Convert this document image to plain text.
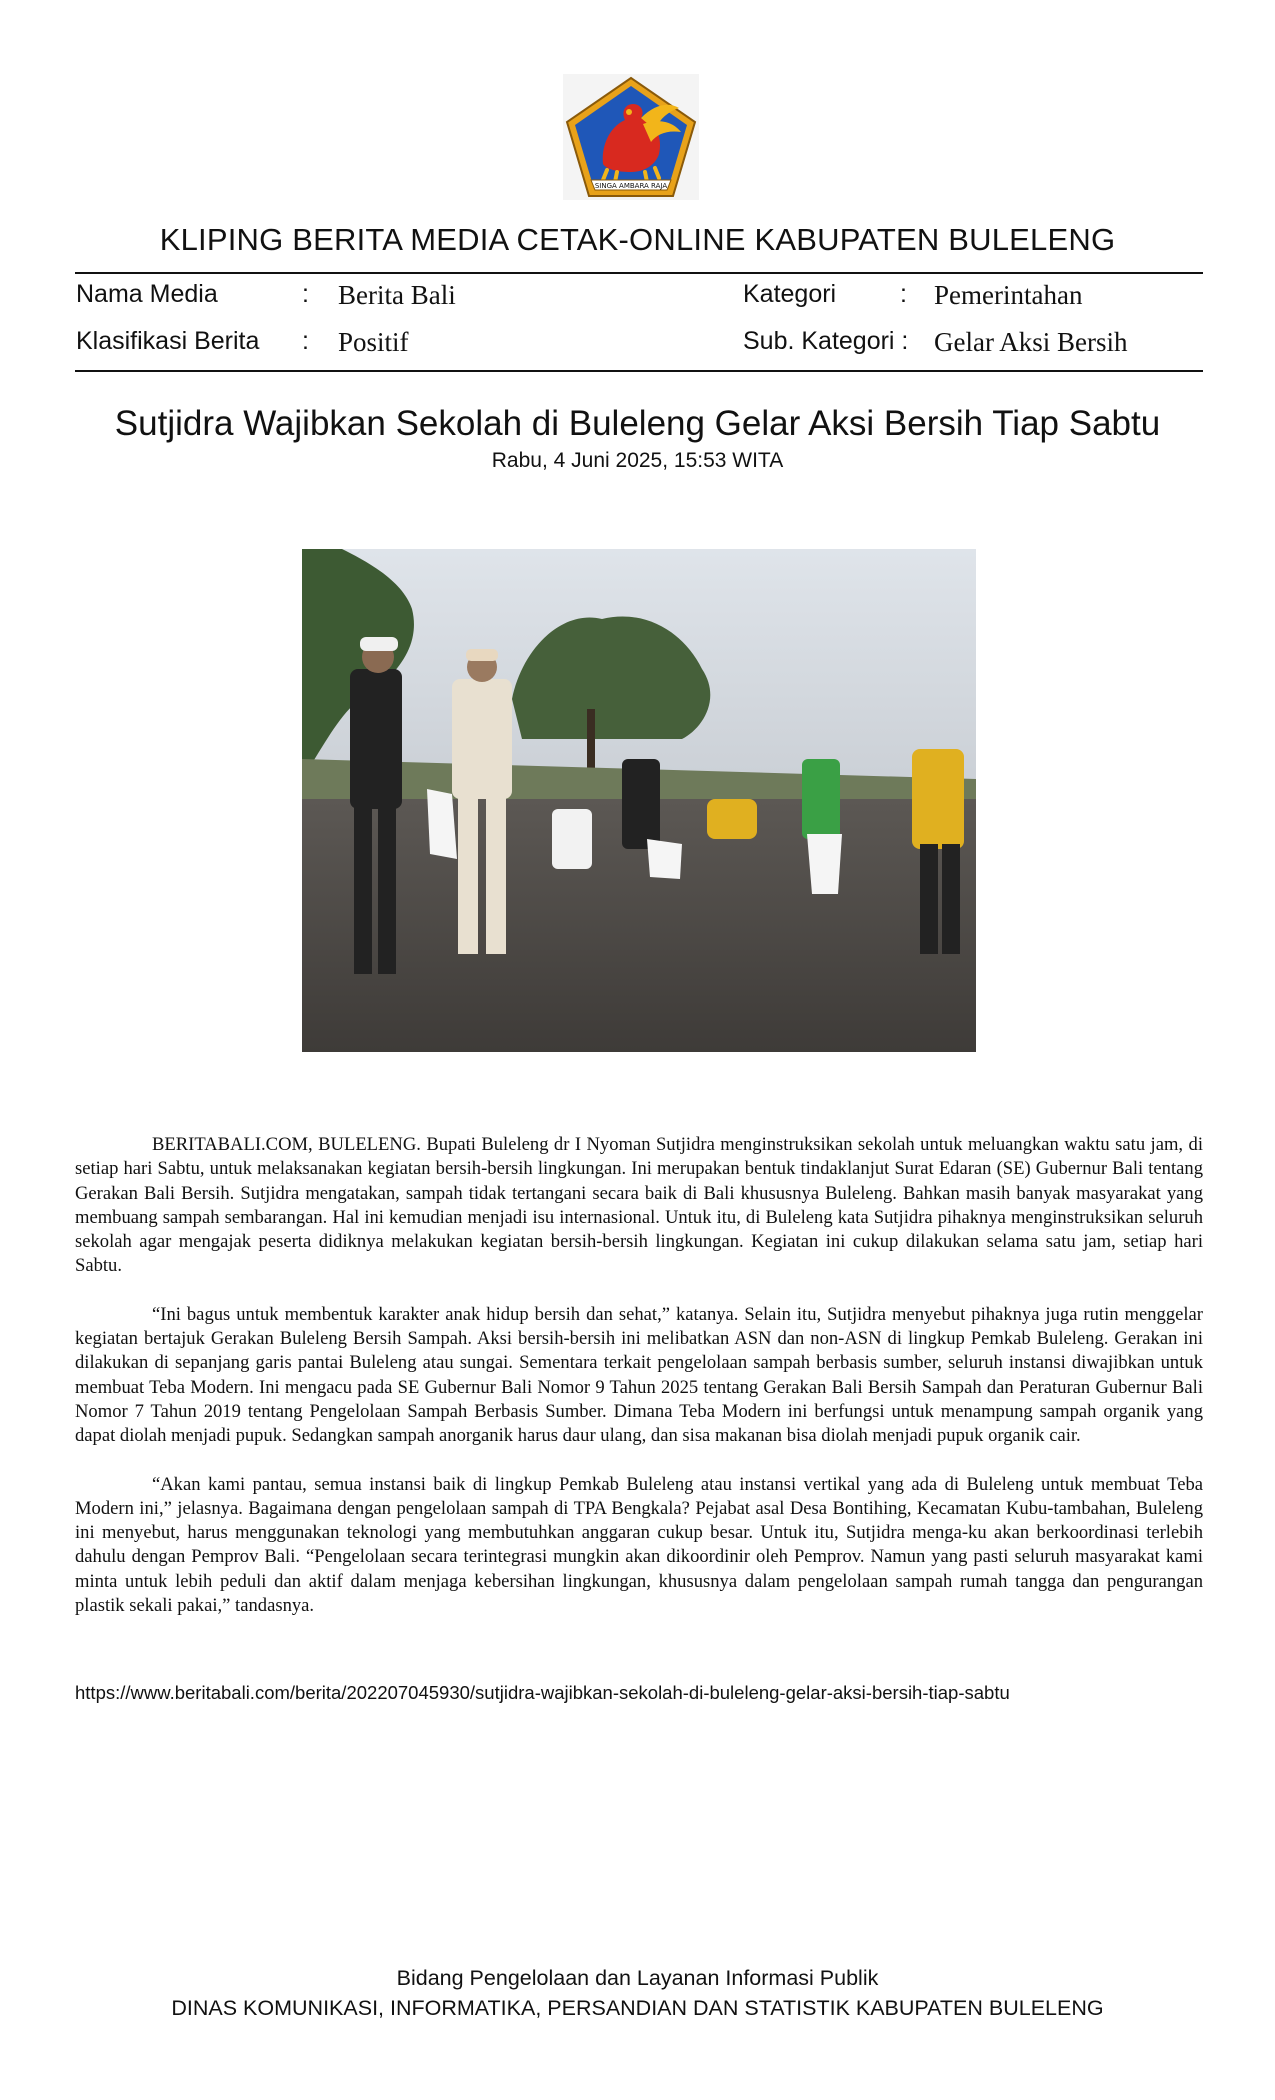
SINGA AMBARA RAJA
KLIPING BERITA MEDIA CETAK-ONLINE KABUPATEN BULELENG
Nama Media	: Berita Bali	Kategori	: Pemerintahan
Klasifikasi Berita : Positif	Sub. Kategori : Gelar Aksi Bersih
Sutjidra Wajibkan Sekolah di Buleleng Gelar Aksi Bersih Tiap Sabtu
Rabu, 4 Juni 2025, 15:53 WITA

BERITABALI.COM, BULELENG. Bupati Buleleng dr I Nyoman Sutjidra menginstruksikan sekolah untuk meluangkan waktu satu jam, di setiap hari Sabtu, untuk melaksanakan kegiatan bersih-bersih lingkungan. Ini merupakan bentuk tindaklanjut Surat Edaran (SE) Gubernur Bali tentang Gerakan Bali Bersih. Sutjidra mengatakan, sampah tidak tertangani secara baik di Bali khususnya Buleleng. Bahkan masih banyak masyarakat yang membuang sampah sembarangan. Hal ini kemudian menjadi isu internasional. Untuk itu, di Buleleng kata Sutjidra pihaknya menginstruksikan seluruh sekolah agar mengajak peserta didiknya melakukan kegiatan bersih-bersih lingkungan. Kegiatan ini cukup dilakukan selama satu jam, setiap hari Sabtu.

“Ini bagus untuk membentuk karakter anak hidup bersih dan sehat,” katanya. Selain itu, Sutjidra menyebut pihaknya juga rutin menggelar kegiatan bertajuk Gerakan Buleleng Bersih Sampah. Aksi bersih-bersih ini melibatkan ASN dan non-ASN di lingkup Pemkab Buleleng. Gerakan ini dilakukan di sepanjang garis pantai Buleleng atau sungai. Sementara terkait pengelolaan sampah berbasis sumber, seluruh instansi diwajibkan untuk membuat Teba Modern. Ini mengacu pada SE Gubernur Bali Nomor 9 Tahun 2025 tentang Gerakan Bali Bersih Sampah dan Peraturan Gubernur Bali Nomor 7 Tahun 2019 tentang Pengelolaan Sampah Berbasis Sumber. Dimana Teba Modern ini berfungsi untuk menampung sampah organik yang dapat diolah menjadi pupuk. Sedangkan sampah anorganik harus daur ulang, dan sisa makanan bisa diolah menjadi pupuk organik cair.

“Akan kami pantau, semua instansi baik di lingkup Pemkab Buleleng atau instansi vertikal yang ada di Buleleng untuk membuat Teba Modern ini,” jelasnya. Bagaimana dengan pengelolaan sampah di TPA Bengkala? Pejabat asal Desa Bontihing, Kecamatan Kubu-tambahan, Buleleng ini menyebut, harus menggunakan teknologi yang membutuhkan anggaran cukup besar. Untuk itu, Sutjidra menga-ku akan berkoordinasi terlebih dahulu dengan Pemprov Bali. “Pengelolaan secara terintegrasi mungkin akan dikoordinir oleh Pemprov. Namun yang pasti seluruh masyarakat kami minta untuk lebih peduli dan aktif dalam menjaga kebersihan lingkungan, khususnya dalam pengelolaan sampah rumah tangga dan pengurangan plastik sekali pakai,” tandasnya.

https://www.beritabali.com/berita/202207045930/sutjidra-wajibkan-sekolah-di-buleleng-gelar-aksi-bersih-tiap-sabtu
Bidang Pengelolaan dan Layanan Informasi Publik
DINAS KOMUNIKASI, INFORMATIKA, PERSANDIAN DAN STATISTIK KABUPATEN BULELENG
